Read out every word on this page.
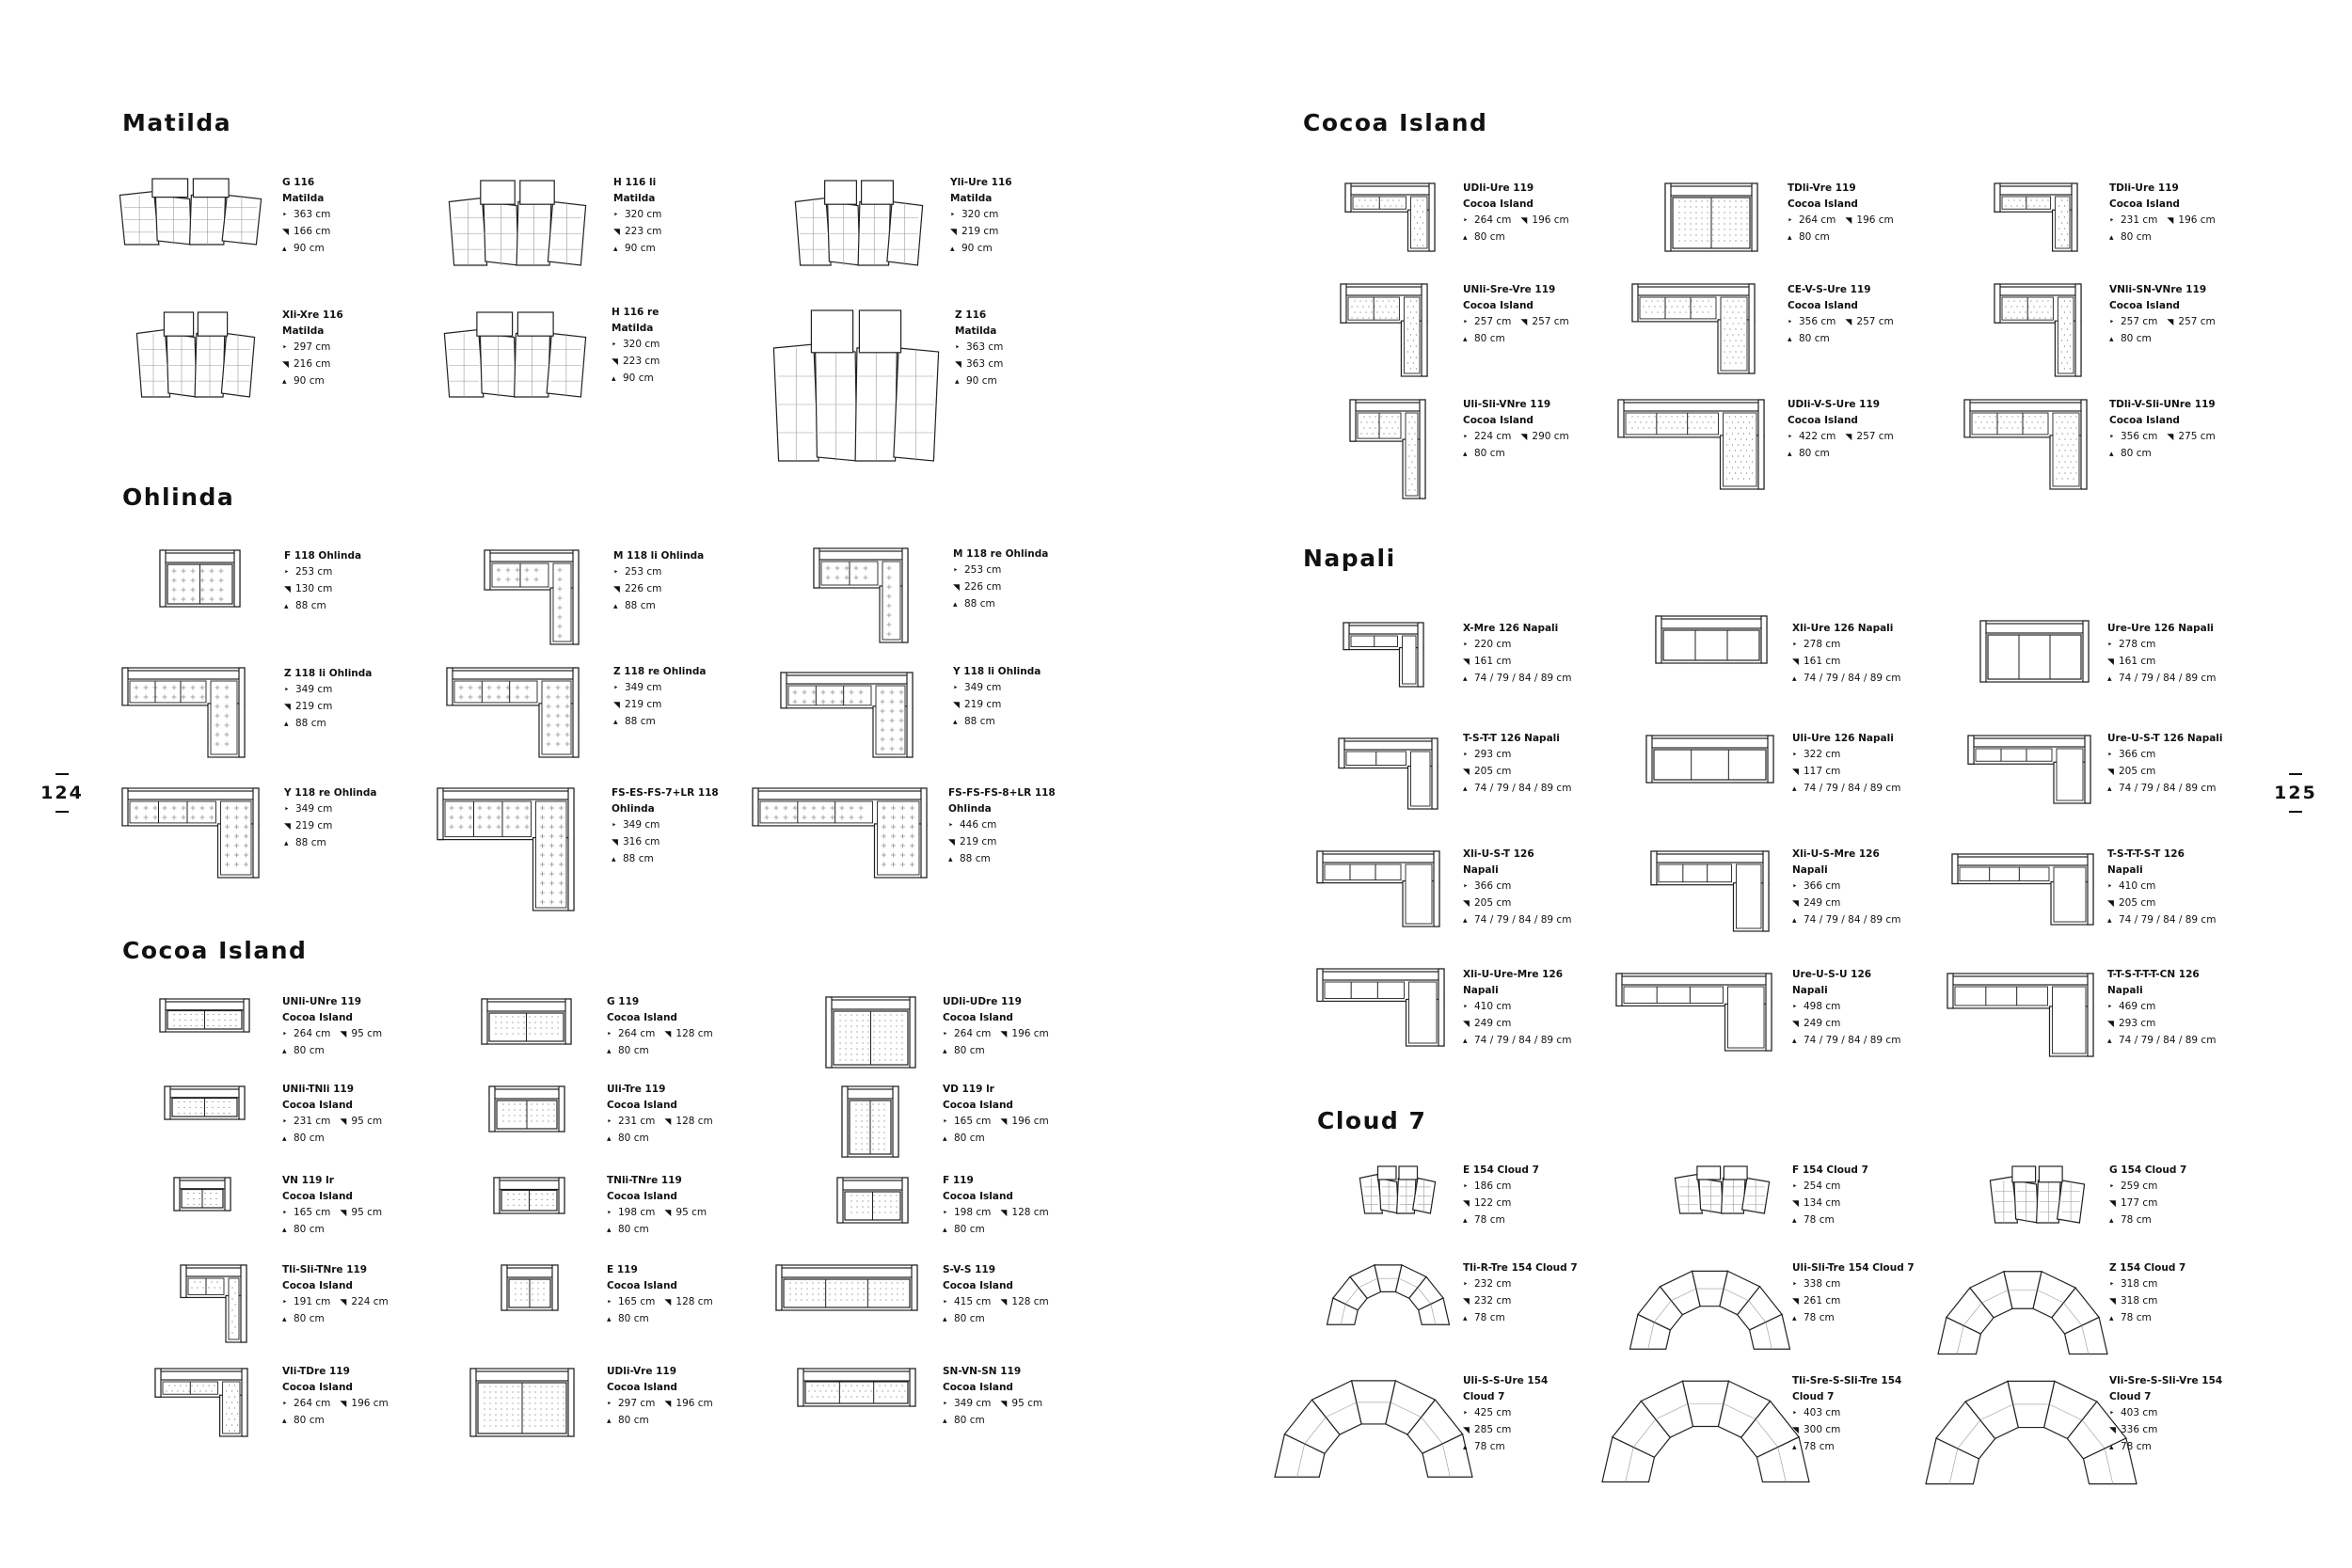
124	125
Matilda
Ohlinda
Cocoa Island
Cocoa Island
Napali
Cloud 7
G 116
Matilda
‣ 363 cm
◥ 166 cm
▴ 90 cm
H 116 li
Matilda
‣ 320 cm
◥ 223 cm
▴ 90 cm
Yli-Ure 116
Matilda
‣ 320 cm
◥ 219 cm
▴ 90 cm
Xli-Xre 116
Matilda
‣ 297 cm
◥ 216 cm
▴ 90 cm
H 116 re
Matilda
‣ 320 cm
◥ 223 cm
▴ 90 cm
Z 116
Matilda
‣ 363 cm
◥ 363 cm
▴ 90 cm
F 118 Ohlinda
‣ 253 cm
◥ 130 cm
▴ 88 cm
M 118 li Ohlinda
‣ 253 cm
◥ 226 cm
▴ 88 cm
M 118 re Ohlinda
‣ 253 cm
◥ 226 cm
▴ 88 cm
Z 118 li Ohlinda
‣ 349 cm
◥ 219 cm
▴ 88 cm
Z 118 re Ohlinda
‣ 349 cm
◥ 219 cm
▴ 88 cm
Y 118 li Ohlinda
‣ 349 cm
◥ 219 cm
▴ 88 cm
Y 118 re Ohlinda
‣ 349 cm
◥ 219 cm
▴ 88 cm
FS-ES-FS-7+LR 118
Ohlinda
‣ 349 cm
◥ 316 cm
▴ 88 cm
FS-FS-FS-8+LR 118
Ohlinda
‣ 446 cm
◥ 219 cm
▴ 88 cm
UNli-UNre 119
Cocoa Island
‣ 264 cm ◥ 95 cm
▴ 80 cm
G 119
Cocoa Island
‣ 264 cm ◥ 128 cm
▴ 80 cm
UDli-UDre 119
Cocoa Island
‣ 264 cm ◥ 196 cm
▴ 80 cm
UNli-TNli 119
Cocoa Island
‣ 231 cm ◥ 95 cm
▴ 80 cm
Uli-Tre 119
Cocoa Island
‣ 231 cm ◥ 128 cm
▴ 80 cm
VD 119 lr
Cocoa Island
‣ 165 cm ◥ 196 cm
▴ 80 cm
VN 119 lr
Cocoa Island
‣ 165 cm ◥ 95 cm
▴ 80 cm
TNli-TNre 119
Cocoa Island
‣ 198 cm ◥ 95 cm
▴ 80 cm
F 119
Cocoa Island
‣ 198 cm ◥ 128 cm
▴ 80 cm
Tli-Sli-TNre 119
Cocoa Island
‣ 191 cm ◥ 224 cm
▴ 80 cm
E 119
Cocoa Island
‣ 165 cm ◥ 128 cm
▴ 80 cm
S-V-S 119
Cocoa Island
‣ 415 cm ◥ 128 cm
▴ 80 cm
Vli-TDre 119
Cocoa Island
‣ 264 cm ◥ 196 cm
▴ 80 cm
UDli-Vre 119
Cocoa Island
‣ 297 cm ◥ 196 cm
▴ 80 cm
SN-VN-SN 119
Cocoa Island
‣ 349 cm ◥ 95 cm
▴ 80 cm
UDli-Ure 119
Cocoa Island
‣ 264 cm ◥ 196 cm
▴ 80 cm
TDli-Vre 119
Cocoa Island
‣ 264 cm ◥ 196 cm
▴ 80 cm
TDli-Ure 119
Cocoa Island
‣ 231 cm ◥ 196 cm
▴ 80 cm
UNli-Sre-Vre 119
Cocoa Island
‣ 257 cm ◥ 257 cm
▴ 80 cm
CE-V-S-Ure 119
Cocoa Island
‣ 356 cm ◥ 257 cm
▴ 80 cm
VNli-SN-VNre 119
Cocoa Island
‣ 257 cm ◥ 257 cm
▴ 80 cm
Uli-Sli-VNre 119
Cocoa Island
‣ 224 cm ◥ 290 cm
▴ 80 cm
UDli-V-S-Ure 119
Cocoa Island
‣ 422 cm ◥ 257 cm
▴ 80 cm
TDli-V-Sli-UNre 119
Cocoa Island
‣ 356 cm ◥ 275 cm
▴ 80 cm
X-Mre 126 Napali
‣ 220 cm
◥ 161 cm
▴ 74 / 79 / 84 / 89 cm
Xli-Ure 126 Napali
‣ 278 cm
◥ 161 cm
▴ 74 / 79 / 84 / 89 cm
Ure-Ure 126 Napali
‣ 278 cm
◥ 161 cm
▴ 74 / 79 / 84 / 89 cm
T-S-T-T 126 Napali
‣ 293 cm
◥ 205 cm
▴ 74 / 79 / 84 / 89 cm
Uli-Ure 126 Napali
‣ 322 cm
◥ 117 cm
▴ 74 / 79 / 84 / 89 cm
Ure-U-S-T 126 Napali
‣ 366 cm
◥ 205 cm
▴ 74 / 79 / 84 / 89 cm
Xli-U-S-T 126
Napali
‣ 366 cm
◥ 205 cm
▴ 74 / 79 / 84 / 89 cm
Xli-U-S-Mre 126
Napali
‣ 366 cm
◥ 249 cm
▴ 74 / 79 / 84 / 89 cm
T-S-T-T-S-T 126
Napali
‣ 410 cm
◥ 205 cm
▴ 74 / 79 / 84 / 89 cm
Xli-U-Ure-Mre 126
Napali
‣ 410 cm
◥ 249 cm
▴ 74 / 79 / 84 / 89 cm
Ure-U-S-U 126
Napali
‣ 498 cm
◥ 249 cm
▴ 74 / 79 / 84 / 89 cm
T-T-S-T-T-T-CN 126
Napali
‣ 469 cm
◥ 293 cm
▴ 74 / 79 / 84 / 89 cm
E 154 Cloud 7
‣ 186 cm
◥ 122 cm
▴ 78 cm
F 154 Cloud 7
‣ 254 cm
◥ 134 cm
▴ 78 cm
G 154 Cloud 7
‣ 259 cm
◥ 177 cm
▴ 78 cm
Tli-R-Tre 154 Cloud 7
‣ 232 cm
◥ 232 cm
▴ 78 cm
Uli-Sli-Tre 154 Cloud 7
‣ 338 cm
◥ 261 cm
▴ 78 cm
Z 154 Cloud 7
‣ 318 cm
◥ 318 cm
▴ 78 cm
Uli-S-S-Ure 154
Cloud 7
‣ 425 cm
◥ 285 cm
▴ 78 cm
Tli-Sre-S-Sli-Tre 154
Cloud 7
‣ 403 cm
◥ 300 cm
▴ 78 cm
Vli-Sre-S-Sli-Vre 154
Cloud 7
‣ 403 cm
◥ 336 cm
▴ 78 cm
